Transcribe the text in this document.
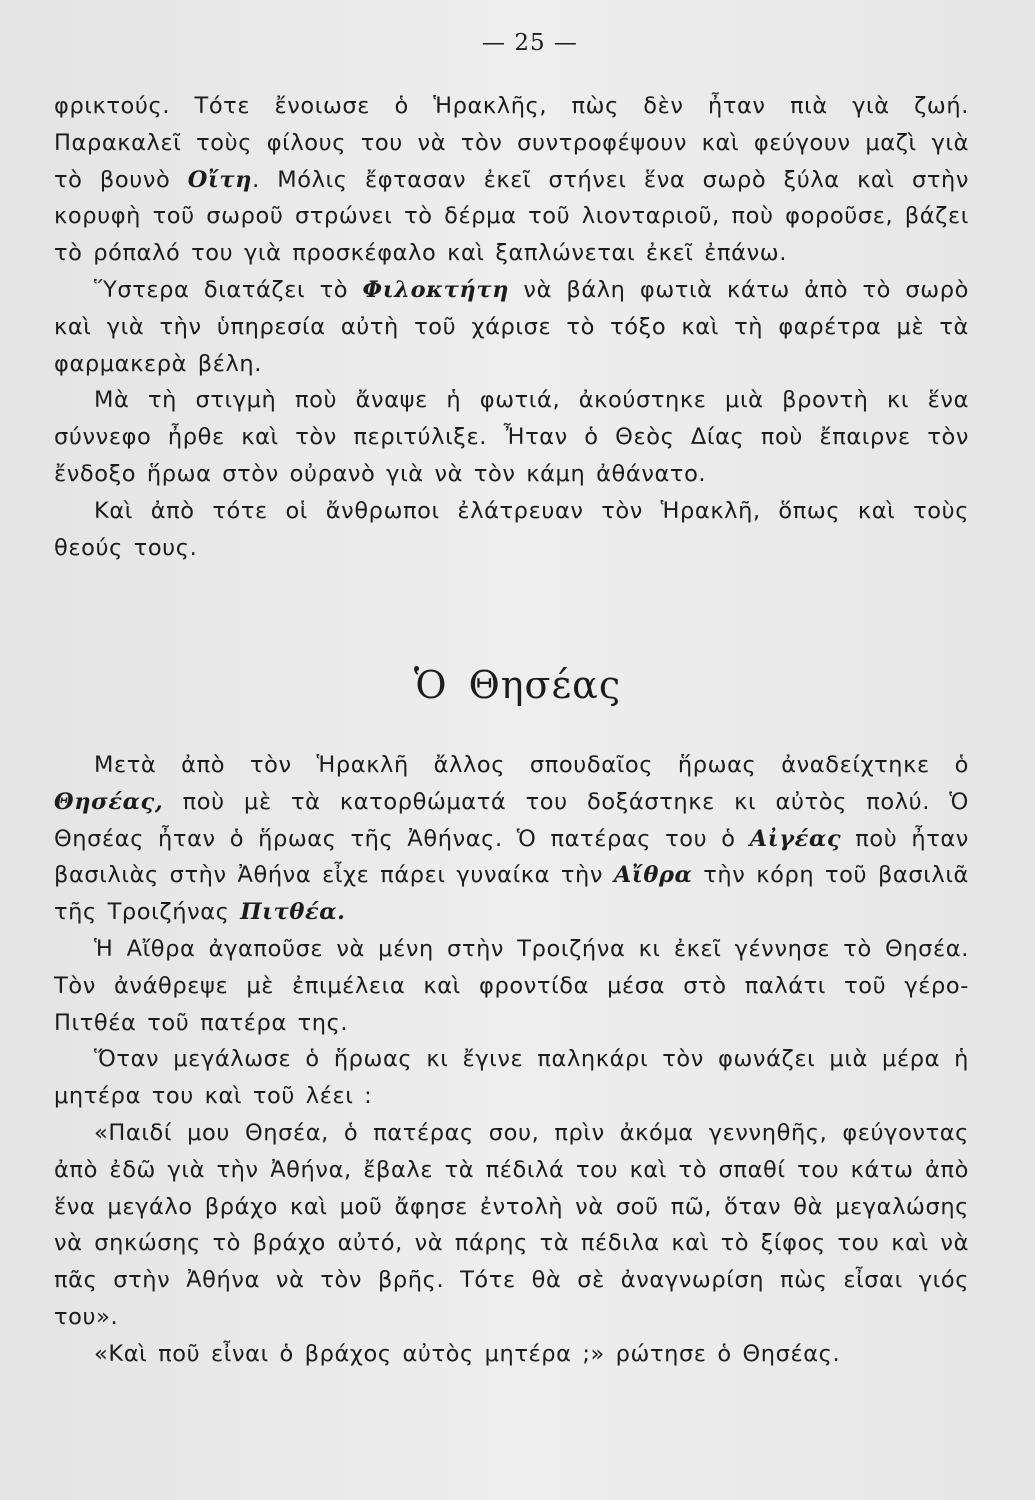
— 25 —

φρικτούς. Τότε ἔνοιωσε ὁ Ἡρακλῆς, πὼς δὲν ἦταν πιὰ γιὰ ζωή. Παρακαλεῖ τοὺς φίλους του νὰ τὸν συντροφέψουν καὶ φεύγουν μαζὶ γιὰ τὸ βουνὸ Οἴτη. Μόλις ἔφτασαν ἐκεῖ στήνει ἕνα σωρὸ ξύλα καὶ στὴν κορυφὴ τοῦ σωροῦ στρώνει τὸ δέρμα τοῦ λιονταριοῦ, ποὺ φοροῦσε, βάζει τὸ ρόπαλό του γιὰ προσκέφαλο καὶ ξαπλώνεται ἐκεῖ ἐπάνω.

Ὕστερα διατάζει τὸ Φιλοκτήτη νὰ βάλη φωτιὰ κάτω ἀπὸ τὸ σωρὸ καὶ γιὰ τὴν ὑπηρεσία αὐτὴ τοῦ χάρισε τὸ τόξο καὶ τὴ φαρέτρα μὲ τὰ φαρμακερὰ βέλη.

Μὰ τὴ στιγμὴ ποὺ ἄναψε ἡ φωτιά, ἀκούστηκε μιὰ βροντὴ κι ἕνα σύννεφο ἦρθε καὶ τὸν περιτύλιξε. Ἦταν ὁ Θεὸς Δίας ποὺ ἔπαιρνε τὸν ἔνδοξο ἥρωα στὸν οὐρανὸ γιὰ νὰ τὸν κάμη ἀθάνατο.

Καὶ ἀπὸ τότε οἱ ἄνθρωποι ἐλάτρευαν τὸν Ἡρακλῆ, ὅπως καὶ τοὺς θεούς τους.

Ὁ Θησέας

Μετὰ ἀπὸ τὸν Ἡρακλῆ ἄλλος σπουδαῖος ἥρωας ἀναδείχτηκε ὁ Θησέας, ποὺ μὲ τὰ κατορθώματά του δοξάστηκε κι αὐτὸς πολύ. Ὁ Θησέας ἦταν ὁ ἥρωας τῆς Ἀθήνας. Ὁ πατέρας του ὁ Αἰγέας ποὺ ἦταν βασιλιὰς στὴν Ἀθήνα εἶχε πάρει γυναίκα τὴν Αἴθρα τὴν κόρη τοῦ βασιλιᾶ τῆς Τροιζήνας Πιτθέα.

Ἡ Αἴθρα ἀγαποῦσε νὰ μένη στὴν Τροιζήνα κι ἐκεῖ γέννησε τὸ Θησέα. Τὸν ἀνάθρεψε μὲ ἐπιμέλεια καὶ φροντίδα μέσα στὸ παλάτι τοῦ γέρο-Πιτθέα τοῦ πατέρα της.

Ὅταν μεγάλωσε ὁ ἥρωας κι ἔγινε παληκάρι τὸν φωνάζει μιὰ μέρα ἡ μητέρα του καὶ τοῦ λέει :

«Παιδί μου Θησέα, ὁ πατέρας σου, πρὶν ἀκόμα γεννηθῆς, φεύγοντας ἀπὸ ἐδῶ γιὰ τὴν Ἀθήνα, ἔβαλε τὰ πέδιλά του καὶ τὸ σπαθί του κάτω ἀπὸ ἕνα μεγάλο βράχο καὶ μοῦ ἄφησε ἐντολὴ νὰ σοῦ πῶ, ὅταν θὰ μεγαλώσης νὰ σηκώσης τὸ βράχο αὐτό, νὰ πάρης τὰ πέδιλα καὶ τὸ ξίφος του καὶ νὰ πᾶς στὴν Ἀθήνα νὰ τὸν βρῆς. Τότε θὰ σὲ ἀναγνωρίση πὼς εἶσαι γιός του».

«Καὶ ποῦ εἶναι ὁ βράχος αὐτὸς μητέρα ;» ρώτησε ὁ Θησέας.
